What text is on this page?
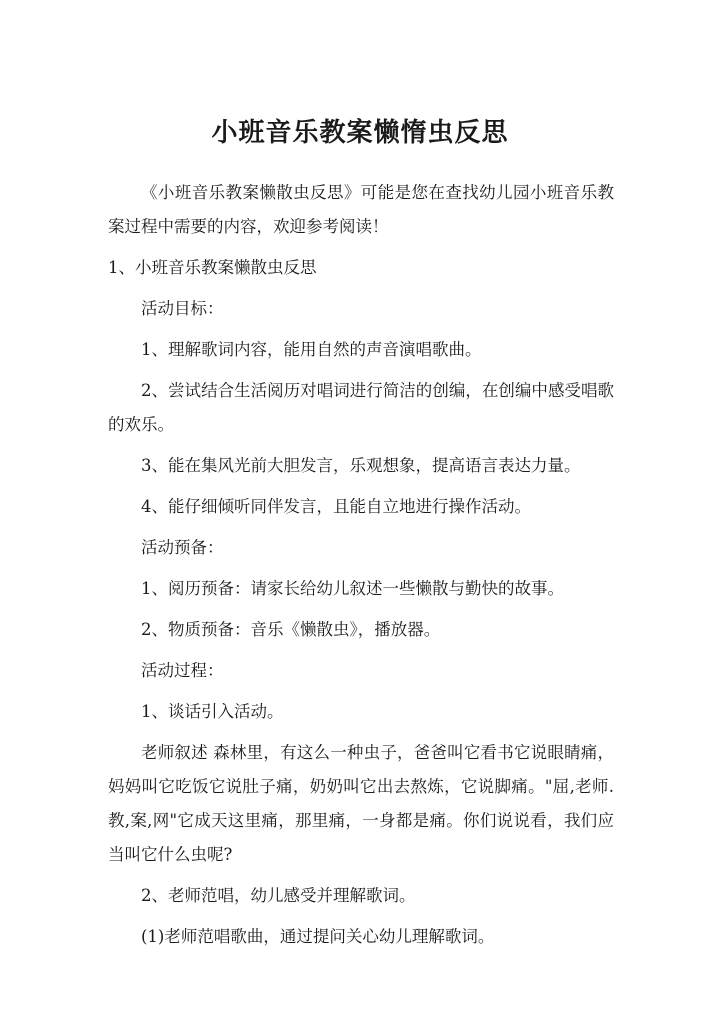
小班音乐教案懒惰虫反思

《小班音乐教案懒散虫反思》可能是您在查找幼儿园小班音乐教案过程中需要的内容，欢迎参考阅读！

1、小班音乐教案懒散虫反思

活动目标：

1、理解歌词内容，能用自然的声音演唱歌曲。

2、尝试结合生活阅历对唱词进行简洁的创编，在创编中感受唱歌的欢乐。

3、能在集风光前大胆发言，乐观想象，提高语言表达力量。

4、能仔细倾听同伴发言，且能自立地进行操作活动。

活动预备：

1、阅历预备：请家长给幼儿叙述一些懒散与勤快的故事。

2、物质预备：音乐《懒散虫》，播放器。

活动过程：

1、谈话引入活动。

老师叙述 森林里，有这么一种虫子，爸爸叫它看书它说眼睛痛，妈妈叫它吃饭它说肚子痛，奶奶叫它出去熬炼，它说脚痛。"屈,老师.教,案,网"它成天这里痛，那里痛，一身都是痛。你们说说看，我们应当叫它什么虫呢?

2、老师范唱，幼儿感受并理解歌词。

(1)老师范唱歌曲，通过提问关心幼儿理解歌词。
